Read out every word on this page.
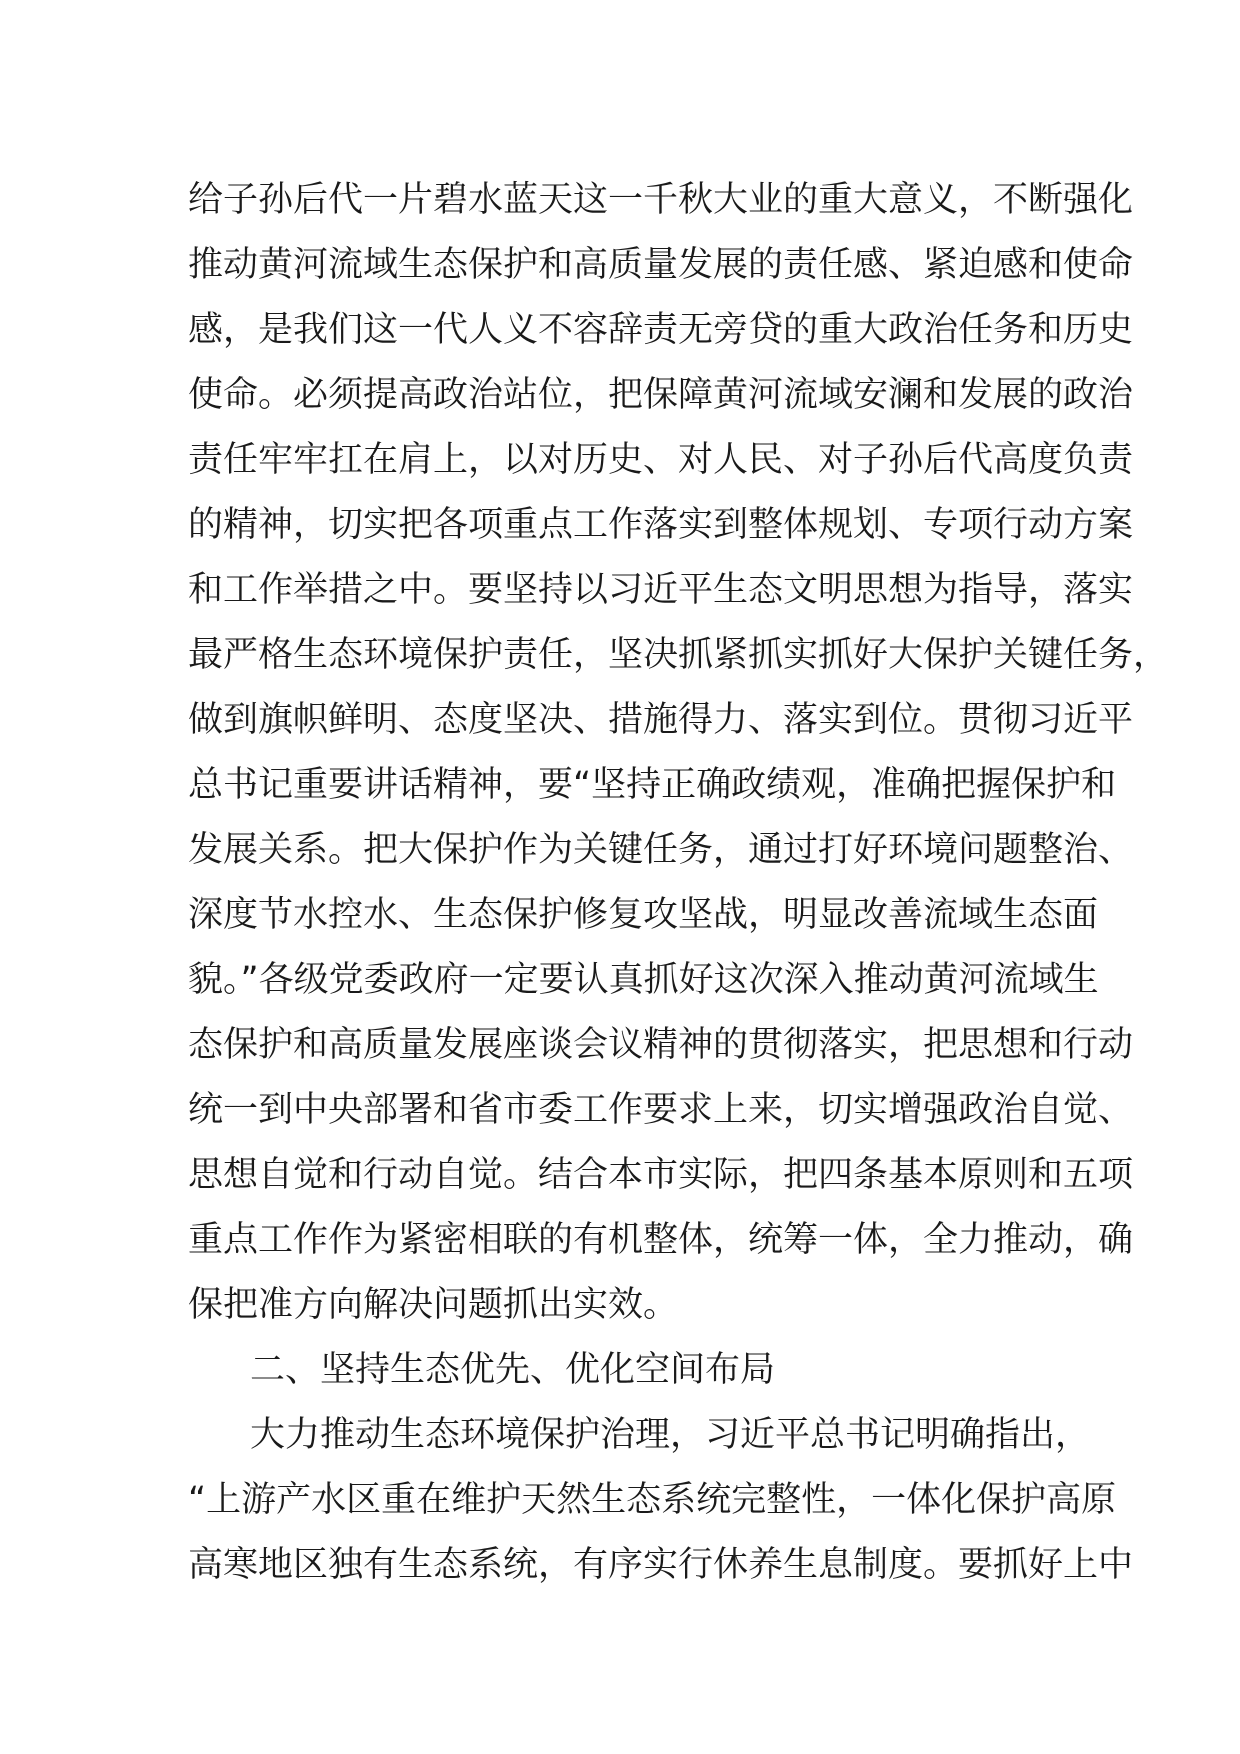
给子孙后代一片碧水蓝天这一千秋大业的重大意义，不断强化
推动黄河流域生态保护和高质量发展的责任感、紧迫感和使命
感，是我们这一代人义不容辞责无旁贷的重大政治任务和历史
使命。必须提高政治站位，把保障黄河流域安澜和发展的政治
责任牢牢扛在肩上，以对历史、对人民、对子孙后代高度负责
的精神，切实把各项重点工作落实到整体规划、专项行动方案
和工作举措之中。要坚持以习近平生态文明思想为指导，落实
最严格生态环境保护责任，坚决抓紧抓实抓好大保护关键任务，
做到旗帜鲜明、态度坚决、措施得力、落实到位。贯彻习近平
总书记重要讲话精神，要“坚持正确政绩观，准确把握保护和
发展关系。把大保护作为关键任务，通过打好环境问题整治、
深度节水控水、生态保护修复攻坚战，明显改善流域生态面
貌。”各级党委政府一定要认真抓好这次深入推动黄河流域生
态保护和高质量发展座谈会议精神的贯彻落实，把思想和行动
统一到中央部署和省市委工作要求上来，切实增强政治自觉、
思想自觉和行动自觉。结合本市实际，把四条基本原则和五项
重点工作作为紧密相联的有机整体，统筹一体，全力推动，确
保把准方向解决问题抓出实效。
二、坚持生态优先、优化空间布局
大力推动生态环境保护治理，习近平总书记明确指出，
“上游产水区重在维护天然生态系统完整性，一体化保护高原
高寒地区独有生态系统，有序实行休养生息制度。要抓好上中
